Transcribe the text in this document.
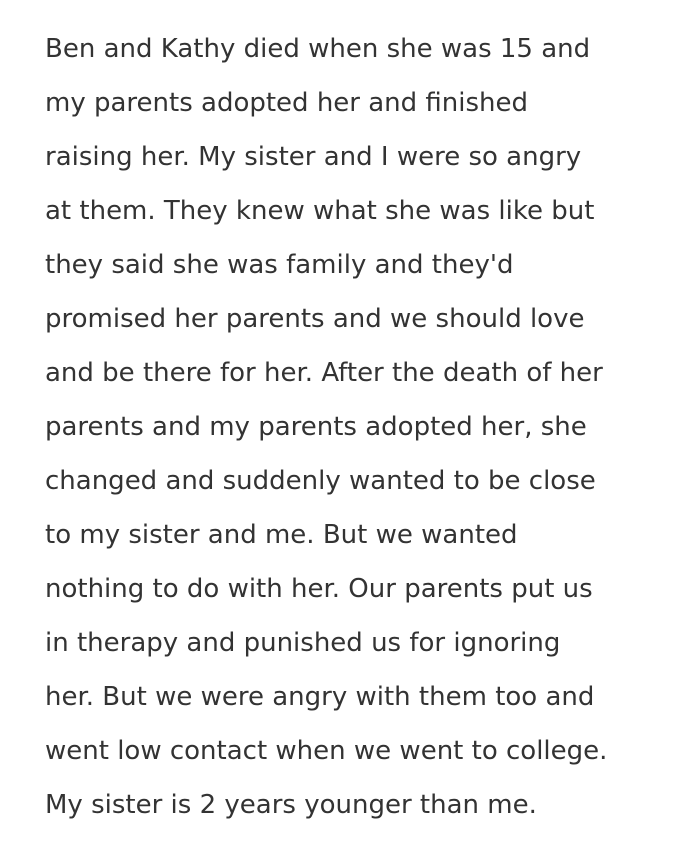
Ben and Kathy died when she was 15 and
my parents adopted her and finished
raising her. My sister and I were so angry
at them. They knew what she was like but
they said she was family and they'd
promised her parents and we should love
and be there for her. After the death of her
parents and my parents adopted her, she
changed and suddenly wanted to be close
to my sister and me. But we wanted
nothing to do with her. Our parents put us
in therapy and punished us for ignoring
her. But we were angry with them too and
went low contact when we went to college.
My sister is 2 years younger than me.
